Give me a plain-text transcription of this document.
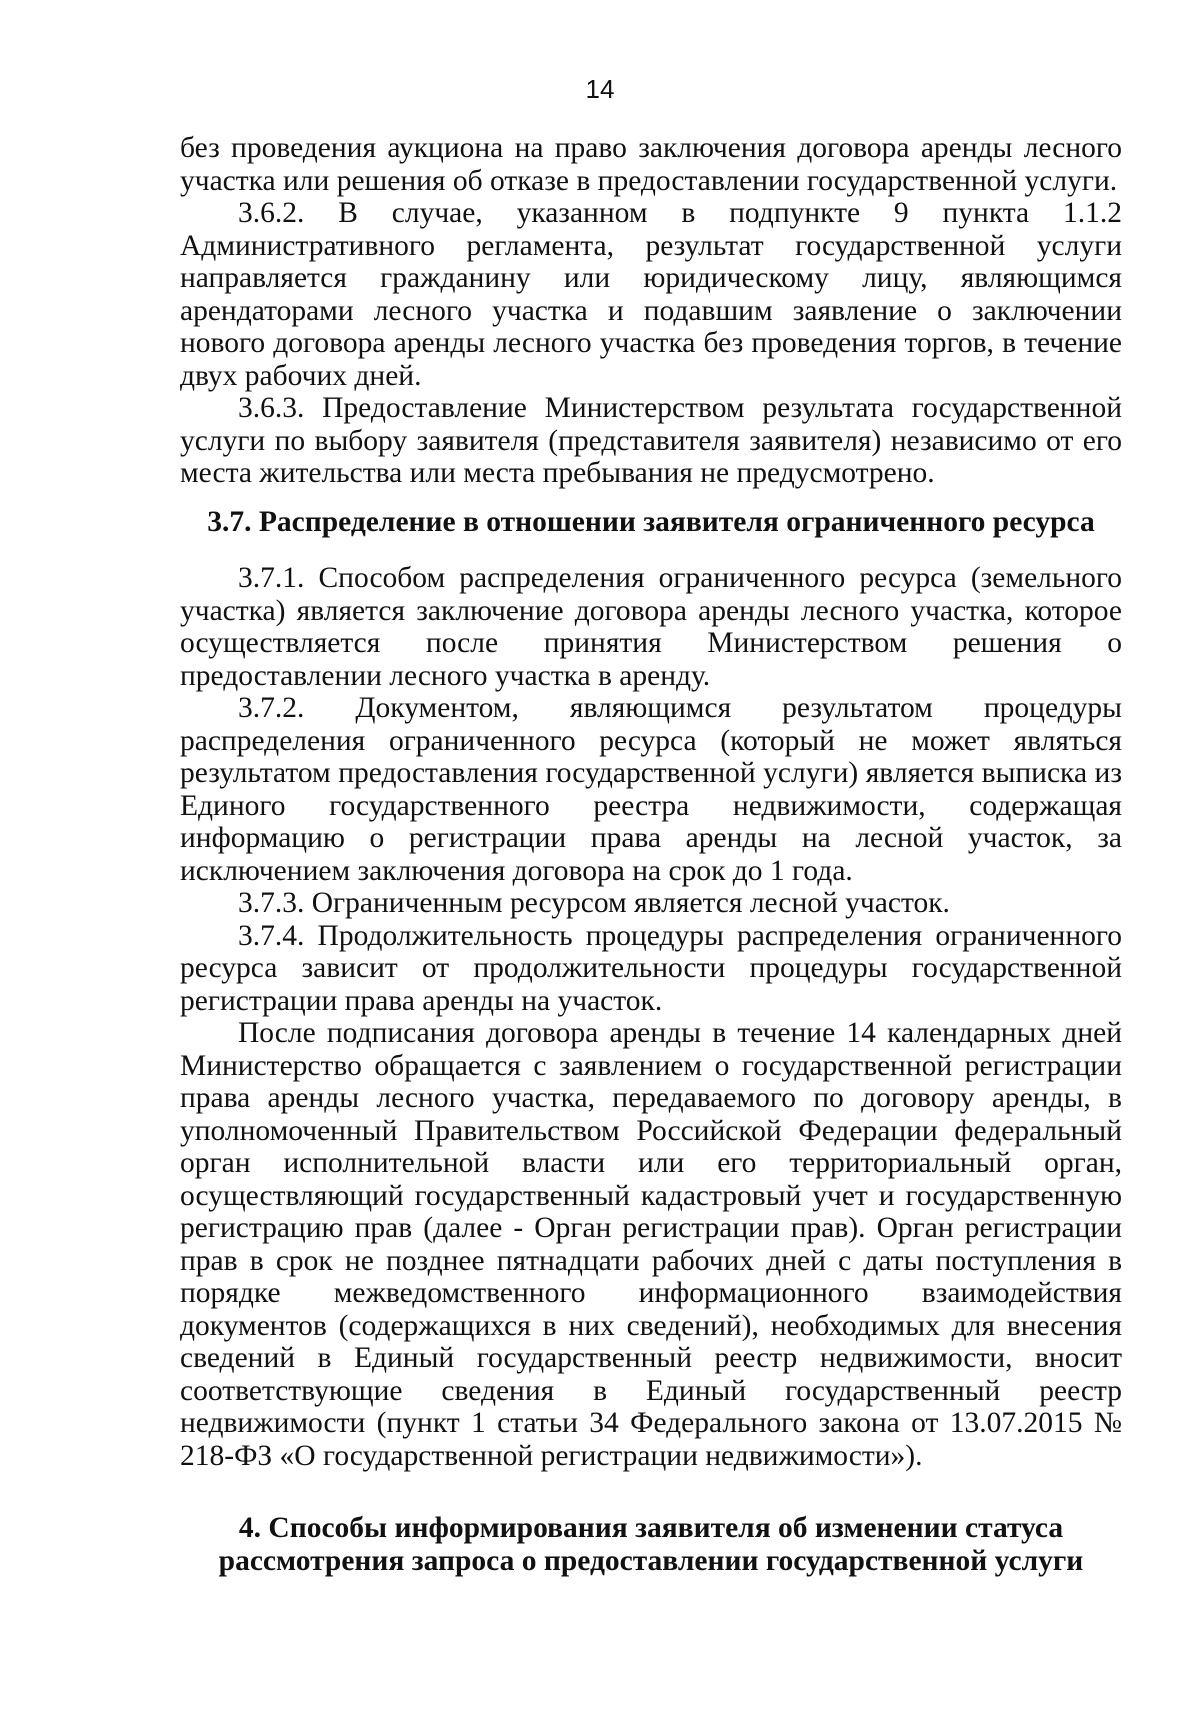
14

без проведения аукциона на право заключения договора аренды лесного участка или решения об отказе в предоставлении государственной услуги.

3.6.2. В случае, указанном в подпункте 9 пункта 1.1.2 Административного регламента, результат государственной услуги направляется гражданину или юридическому лицу, являющимся арендаторами лесного участка и подавшим заявление о заключении нового договора аренды лесного участка без проведения торгов, в течение двух рабочих дней.

3.6.3. Предоставление Министерством результата государственной услуги по выбору заявителя (представителя заявителя) независимо от его места жительства или места пребывания не предусмотрено.

3.7. Распределение в отношении заявителя ограниченного ресурса

3.7.1. Способом распределения ограниченного ресурса (земельного участка) является заключение договора аренды лесного участка, которое осуществляется после принятия Министерством решения о предоставлении лесного участка в аренду.

3.7.2. Документом, являющимся результатом процедуры распределения ограниченного ресурса (который не может являться результатом предоставления государственной услуги) является выписка из Единого государственного реестра недвижимости, содержащая информацию о регистрации права аренды на лесной участок, за исключением заключения договора на срок до 1 года.

3.7.3. Ограниченным ресурсом является лесной участок.

3.7.4. Продолжительность процедуры распределения ограниченного ресурса зависит от продолжительности процедуры государственной регистрации права аренды на участок.

После подписания договора аренды в течение 14 календарных дней Министерство обращается с заявлением о государственной регистрации права аренды лесного участка, передаваемого по договору аренды, в уполномоченный Правительством Российской Федерации федеральный орган исполнительной власти или его территориальный орган, осуществляющий государственный кадастровый учет и государственную регистрацию прав (далее - Орган регистрации прав). Орган регистрации прав в срок не позднее пятнадцати рабочих дней с даты поступления в порядке межведомственного информационного взаимодействия документов (содержащихся в них сведений), необходимых для внесения сведений в Единый государственный реестр недвижимости, вносит соответствующие сведения в Единый государственный реестр недвижимости (пункт 1 статьи 34 Федерального закона от 13.07.2015 № 218-ФЗ «О государственной регистрации недвижимости»).

4. Способы информирования заявителя об изменении статуса
рассмотрения запроса о предоставлении государственной услуги
